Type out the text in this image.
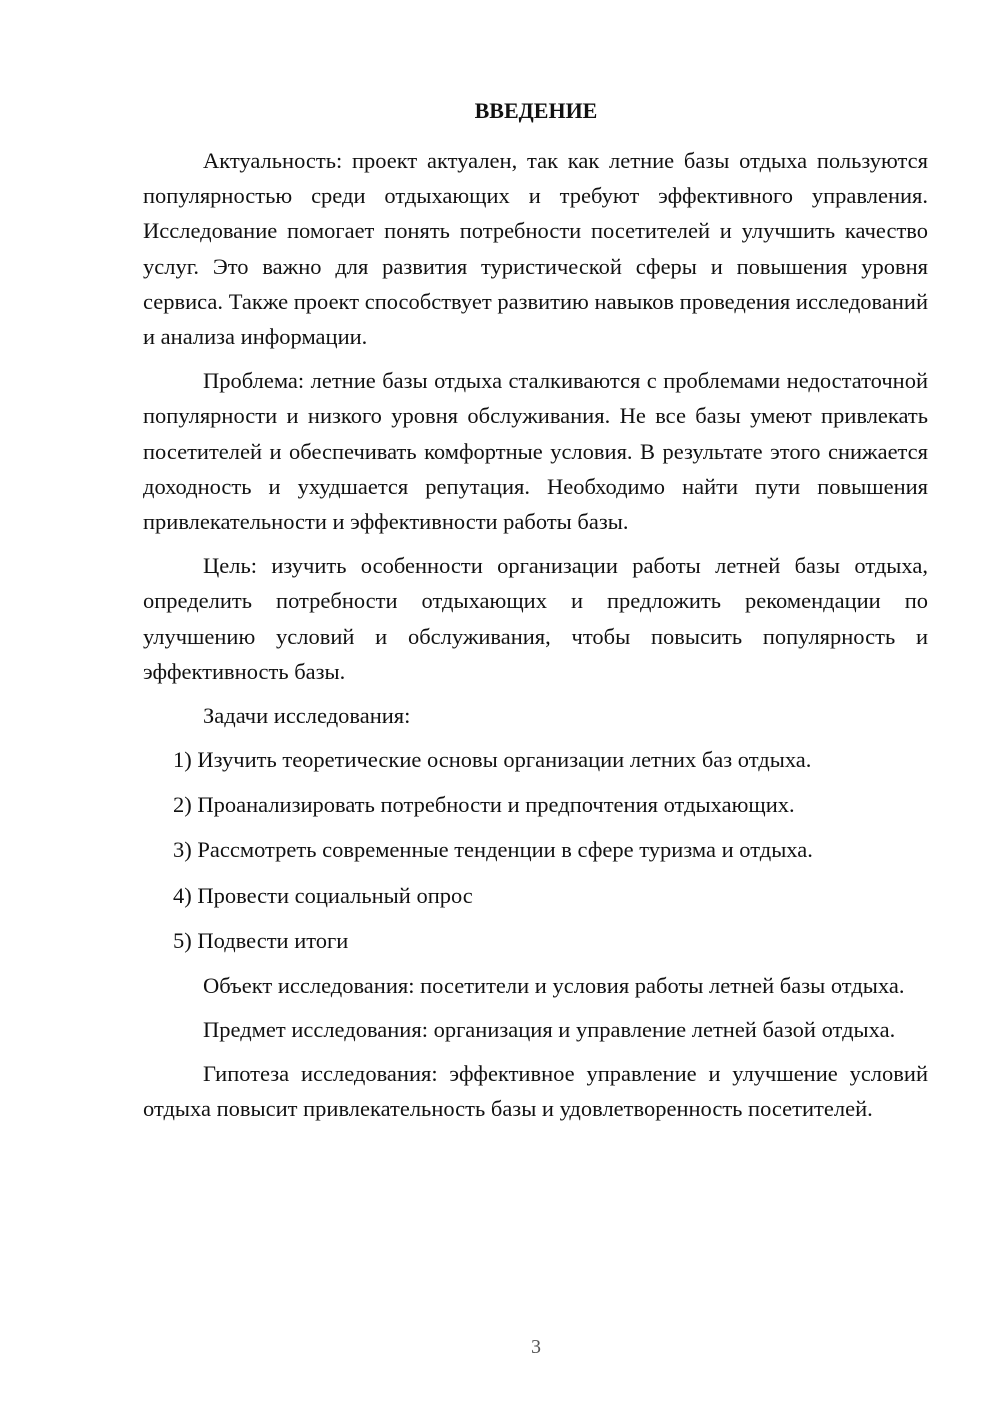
ВВЕДЕНИЕ

Актуальность: проект актуален, так как летние базы отдыха пользуются популярностью среди отдыхающих и требуют эффективного управления. Исследование помогает понять потребности посетителей и улучшить качество услуг. Это важно для развития туристической сферы и повышения уровня сервиса. Также проект способствует развитию навыков проведения исследований и анализа информации.

Проблема: летние базы отдыха сталкиваются с проблемами недостаточной популярности и низкого уровня обслуживания. Не все базы умеют привлекать посетителей и обеспечивать комфортные условия. В результате этого снижается доходность и ухудшается репутация. Необходимо найти пути повышения привлекательности и эффективности работы базы.

Цель: изучить особенности организации работы летней базы отдыха, определить потребности отдыхающих и предложить рекомендации по улучшению условий и обслуживания, чтобы повысить популярность и эффективность базы.

Задачи исследования:

1) Изучить теоретические основы организации летних баз отдыха.
2) Проанализировать потребности и предпочтения отдыхающих.
3) Рассмотреть современные тенденции в сфере туризма и отдыха.
4) Провести социальный опрос
5) Подвести итоги

Объект исследования: посетители и условия работы летней базы отдыха.

Предмет исследования: организация и управление летней базой отдыха.

Гипотеза исследования: эффективное управление и улучшение условий отдыха повысит привлекательность базы и удовлетворенность посетителей.

3
